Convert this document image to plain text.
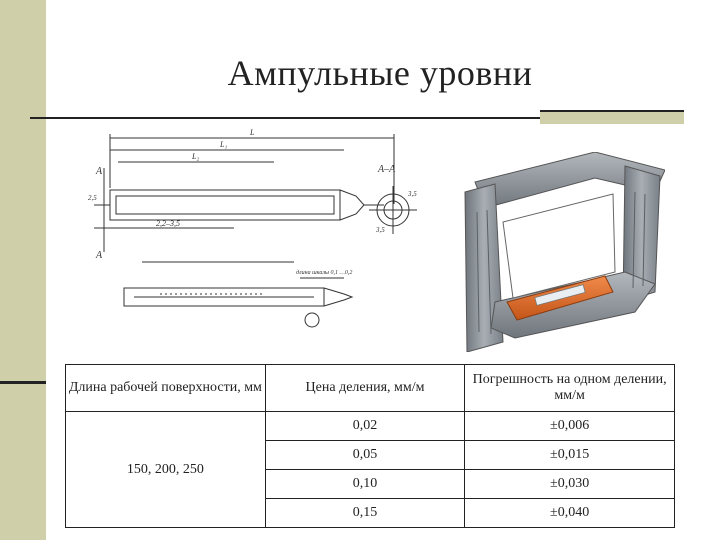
Ампульные уровни
L
L₁
L₂
A–A
A
A
2,2–3,5
3,5
2,5	3,5
длина шкалы 0,1 …0,2
Длина рабочей поверхности, мм	Цена деления, мм/м	Погрешность на одном делении, мм/м
150, 200, 250	0,02	±0,006
	0,05	±0,015
	0,10	±0,030
	0,15	±0,040
